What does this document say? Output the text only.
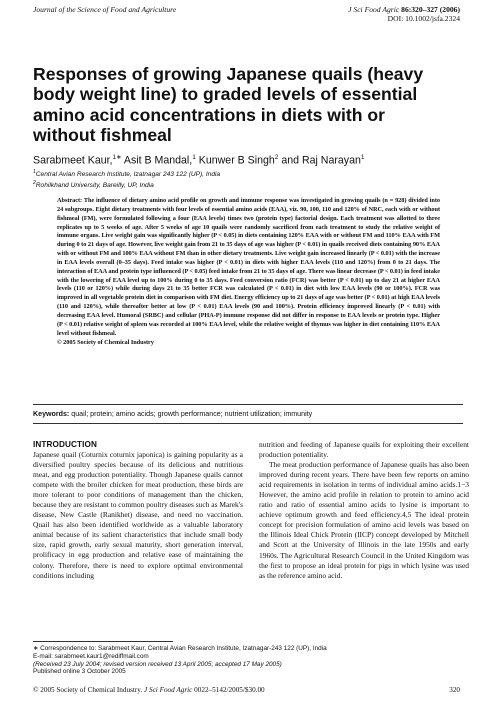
Journal of the Science of Food and Agriculture	J Sci Food Agric 86:320–327 (2006)
DOI: 10.1002/jsfa.2324
Responses of growing Japanese quails (heavy body weight line) to graded levels of essential amino acid concentrations in diets with or without fishmeal
Sarabmeet Kaur,$^{1∗}$ Asit B Mandal,$^1$ Kunwer B Singh$^2$ and Raj Narayan$^1$
$^1$Central Avian Research Institute, Izatnagar 243 122 (UP), India
$^2$Rohilkhand University, Bareilly, UP, India
Abstract: The influence of dietary amino acid profile on growth and immune response was investigated in growing quails (n = 928) divided into 24 subgroups. Eight dietary treatments with four levels of essential amino acids (EAA), viz. 90, 100, 110 and 120% of NRC, each with or without fishmeal (FM), were formulated following a four (EAA levels) times two (protein type) factorial design. Each treatment was allotted to three replicates up to 5 weeks of age. After 5 weeks of age 10 quails were randomly sacrificed from each treatment to study the relative weight of immune organs. Live weight gain was significantly higher (P < 0.05) in diets containing 120% EAA with or without FM and 110% EAA with FM during 0 to 21 days of age. However, live weight gain from 21 to 35 days of age was higher (P < 0.01) in quails received diets containing 90% EAA with or without FM and 100% EAA without FM than in other dietary treatments. Live weight gain increased linearly (P < 0.01) with the increase in EAA levels overall (0–35 days). Feed intake was higher (P < 0.01) in diets with higher EAA levels (110 and 120%) from 0 to 21 days. The interaction of EAA and protein type influenced (P < 0.05) feed intake from 21 to 35 days of age. There was linear decrease (P < 0.01) in feed intake with the lowering of EAA level up to 100% during 0 to 35 days. Feed conversion ratio (FCR) was better (P < 0.01) up to day 21 at higher EAA levels (110 or 120%) while during days 21 to 35 better FCR was calculated (P < 0.01) in diet with low EAA levels (90 or 100%). FCR was improved in all vegetable protein diet in comparison with FM diet. Energy efficiency up to 21 days of age was better (P < 0.01) at high EAA levels (110 and 120%), while thereafter better at low (P < 0.01) EAA levels (90 and 100%). Protein efficiency improved linearly (P < 0.01) with decreasing EAA level. Humoral (SRBC) and cellular (PHA-P) immune response did not differ in response to EAA levels or protein type. Higher (P < 0.01) relative weight of spleen was recorded at 100% EAA level, while the relative weight of thymus was higher in diet containing 110% EAA level without fishmeal.
© 2005 Society of Chemical Industry
Keywords: quail; protein; amino acids; growth performance; nutrient utilization; immunity
INTRODUCTION

Japanese quail (Coturnix coturnix japonica) is gaining popularity as a diversified poultry species because of its delicious and nutritious meat, and egg production potentiality. Though Japanese quails cannot compete with the broiler chicken for meat production, these birds are more tolerant to poor conditions of management than the chicken, because they are resistant to common poultry diseases such as Marek's disease, New Castle (Ranikhet) disease, and need no vaccination. Quail has also been identified worldwide as a valuable laboratory animal because of its salient characteristics that include small body size, rapid growth, early sexual maturity, short generation interval, prolificacy in egg production and relative ease of maintaining the colony. Therefore, there is need to explore optimal environmental conditions including

nutrition and feeding of Japanese quails for exploiting their excellent production potentiality.

The meat production performance of Japanese quails has also been improved during recent years. There have been few reports on amino acid requirements in isolation in terms of individual amino acids.1−3 However, the amino acid profile in relation to protein to amino acid ratio and ratio of essential amino acids to lysine is important to achieve optimum growth and feed efficiency.4,5 The ideal protein concept for precision formulation of amino acid levels was based on the Illinois Ideal Chick Protein (IICP) concept developed by Mitchell and Scott at the University of Illinois in the late 1950s and early 1960s. The Agricultural Research Council in the United Kingdom was the first to propose an ideal protein for pigs in which lysine was used as the reference amino acid.

∗ Correspondence to: Sarabmeet Kaur, Central Avian Research Institute, Izatnagar-243 122 (UP), India
E-mail: sarabmeet.kaur1@rediffmail.com
(Received 23 July 2004; revised version received 13 April 2005; accepted 17 May 2005)
Published online 3 October 2005
© 2005 Society of Chemical Industry. J Sci Food Agric 0022–5142/2005/$30.00	320
